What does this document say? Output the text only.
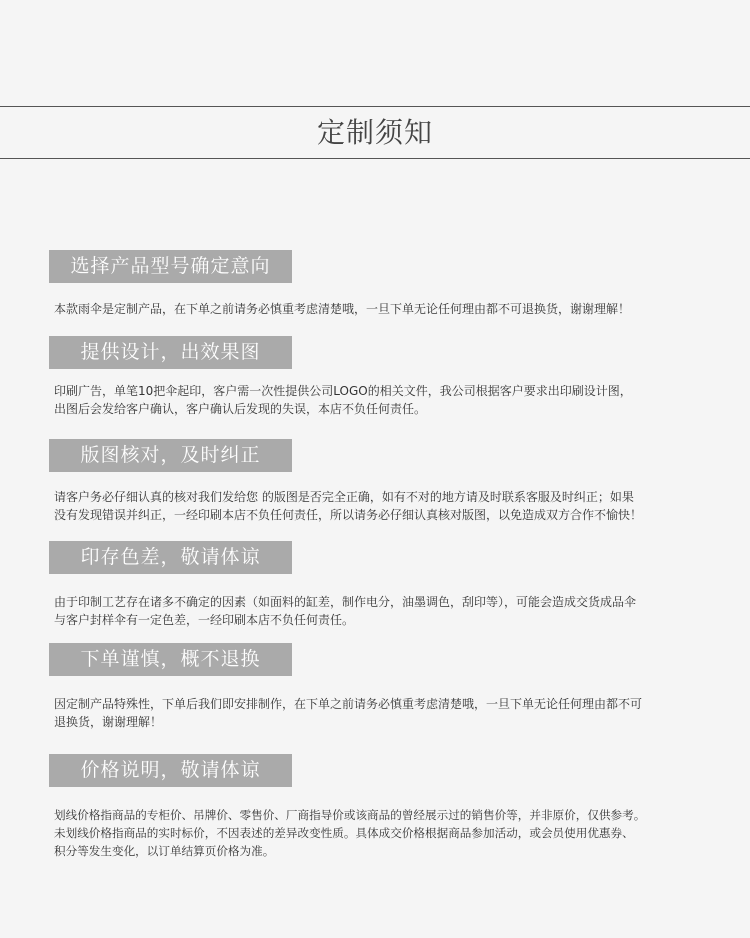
定制须知
选择产品型号确定意向

本款雨伞是定制产品，在下单之前请务必慎重考虑清楚哦，一旦下单无论任何理由都不可退换货，谢谢理解！

提供设计，出效果图

印刷广告，单笔10把伞起印，客户需一次性提供公司LOGO的相关文件，我公司根据客户要求出印刷设计图，

出图后会发给客户确认，客户确认后发现的失误，本店不负任何责任。

版图核对，及时纠正

请客户务必仔细认真的核对我们发给您 的版图是否完全正确，如有不对的地方请及时联系客服及时纠正；如果

没有发现错误并纠正，一经印刷本店不负任何责任，所以请务必仔细认真核对版图，以免造成双方合作不愉快！

印存色差，敬请体谅

由于印制工艺存在诸多不确定的因素（如面料的缸差，制作电分，油墨调色，刮印等），可能会造成交货成品伞

与客户封样伞有一定色差，一经印刷本店不负任何责任。

下单谨慎，概不退换

因定制产品特殊性，下单后我们即安排制作，在下单之前请务必慎重考虑清楚哦，一旦下单无论任何理由都不可

退换货，谢谢理解！

价格说明，敬请体谅

划线价格指商品的专柜价、吊牌价、零售价、厂商指导价或该商品的曾经展示过的销售价等，并非原价，仅供参考。

未划线价格指商品的实时标价，不因表述的差异改变性质。具体成交价格根据商品参加活动，或会员使用优惠券、

积分等发生变化，以订单结算页价格为准。
